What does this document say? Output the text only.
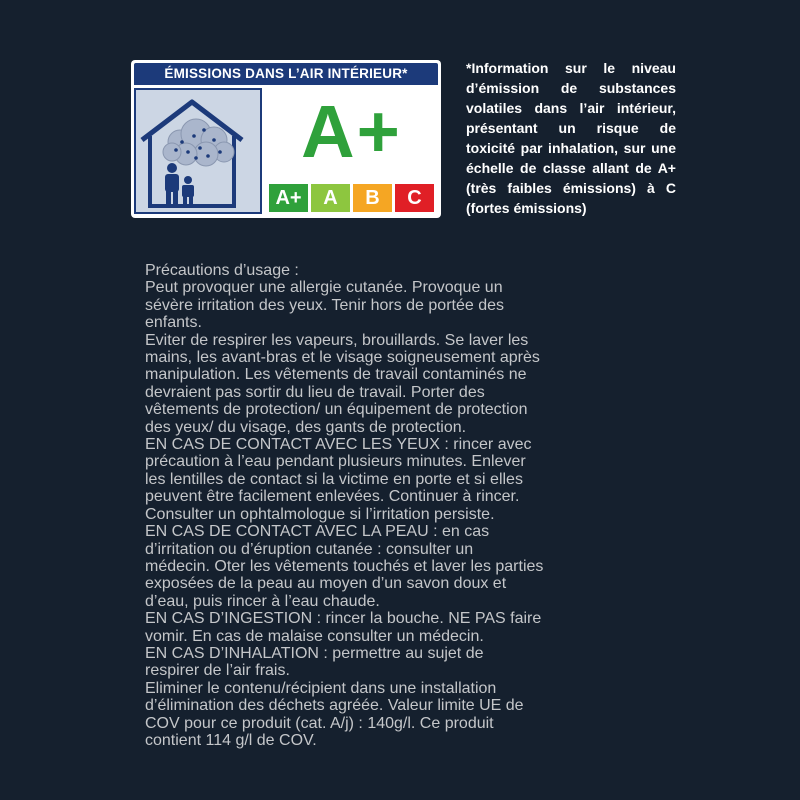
ÉMISSIONS DANS L’AIR INTÉRIEUR*
A+
A+	A	B	C
*Information sur le niveau
d’émission de substances
volatiles dans l’air intérieur,
présentant un risque de
toxicité par inhalation, sur une
échelle de classe allant de A+
(très faibles émissions) à C
(fortes émissions)

Précautions d’usage :

Peut provoquer une allergie cutanée. Provoque un

sévère irritation des yeux. Tenir hors de portée des

enfants.

Eviter de respirer les vapeurs, brouillards. Se laver les

mains, les avant-bras et le visage soigneusement après

manipulation. Les vêtements de travail contaminés ne

devraient pas sortir du lieu de travail. Porter des

vêtements de protection/ un équipement de protection

des yeux/ du visage, des gants de protection.

EN CAS DE CONTACT AVEC LES YEUX : rincer avec

précaution à l’eau pendant plusieurs minutes. Enlever

les lentilles de contact si la victime en porte et si elles

peuvent être facilement enlevées. Continuer à rincer.

Consulter un ophtalmologue si l’irritation persiste.

EN CAS DE CONTACT AVEC LA PEAU : en cas

d’irritation ou d’éruption cutanée : consulter un

médecin. Oter les vêtements touchés et laver les parties

exposées de la peau au moyen d’un savon doux et

d’eau, puis rincer à l’eau chaude.

EN CAS D’INGESTION : rincer la bouche. NE PAS faire

vomir. En cas de malaise consulter un médecin.

EN CAS D’INHALATION : permettre au sujet de

respirer de l’air frais.

Eliminer le contenu/récipient dans une installation

d’élimination des déchets agréée. Valeur limite UE de

COV pour ce produit (cat. A/j) : 140g/l. Ce produit

contient 114 g/l de COV.
